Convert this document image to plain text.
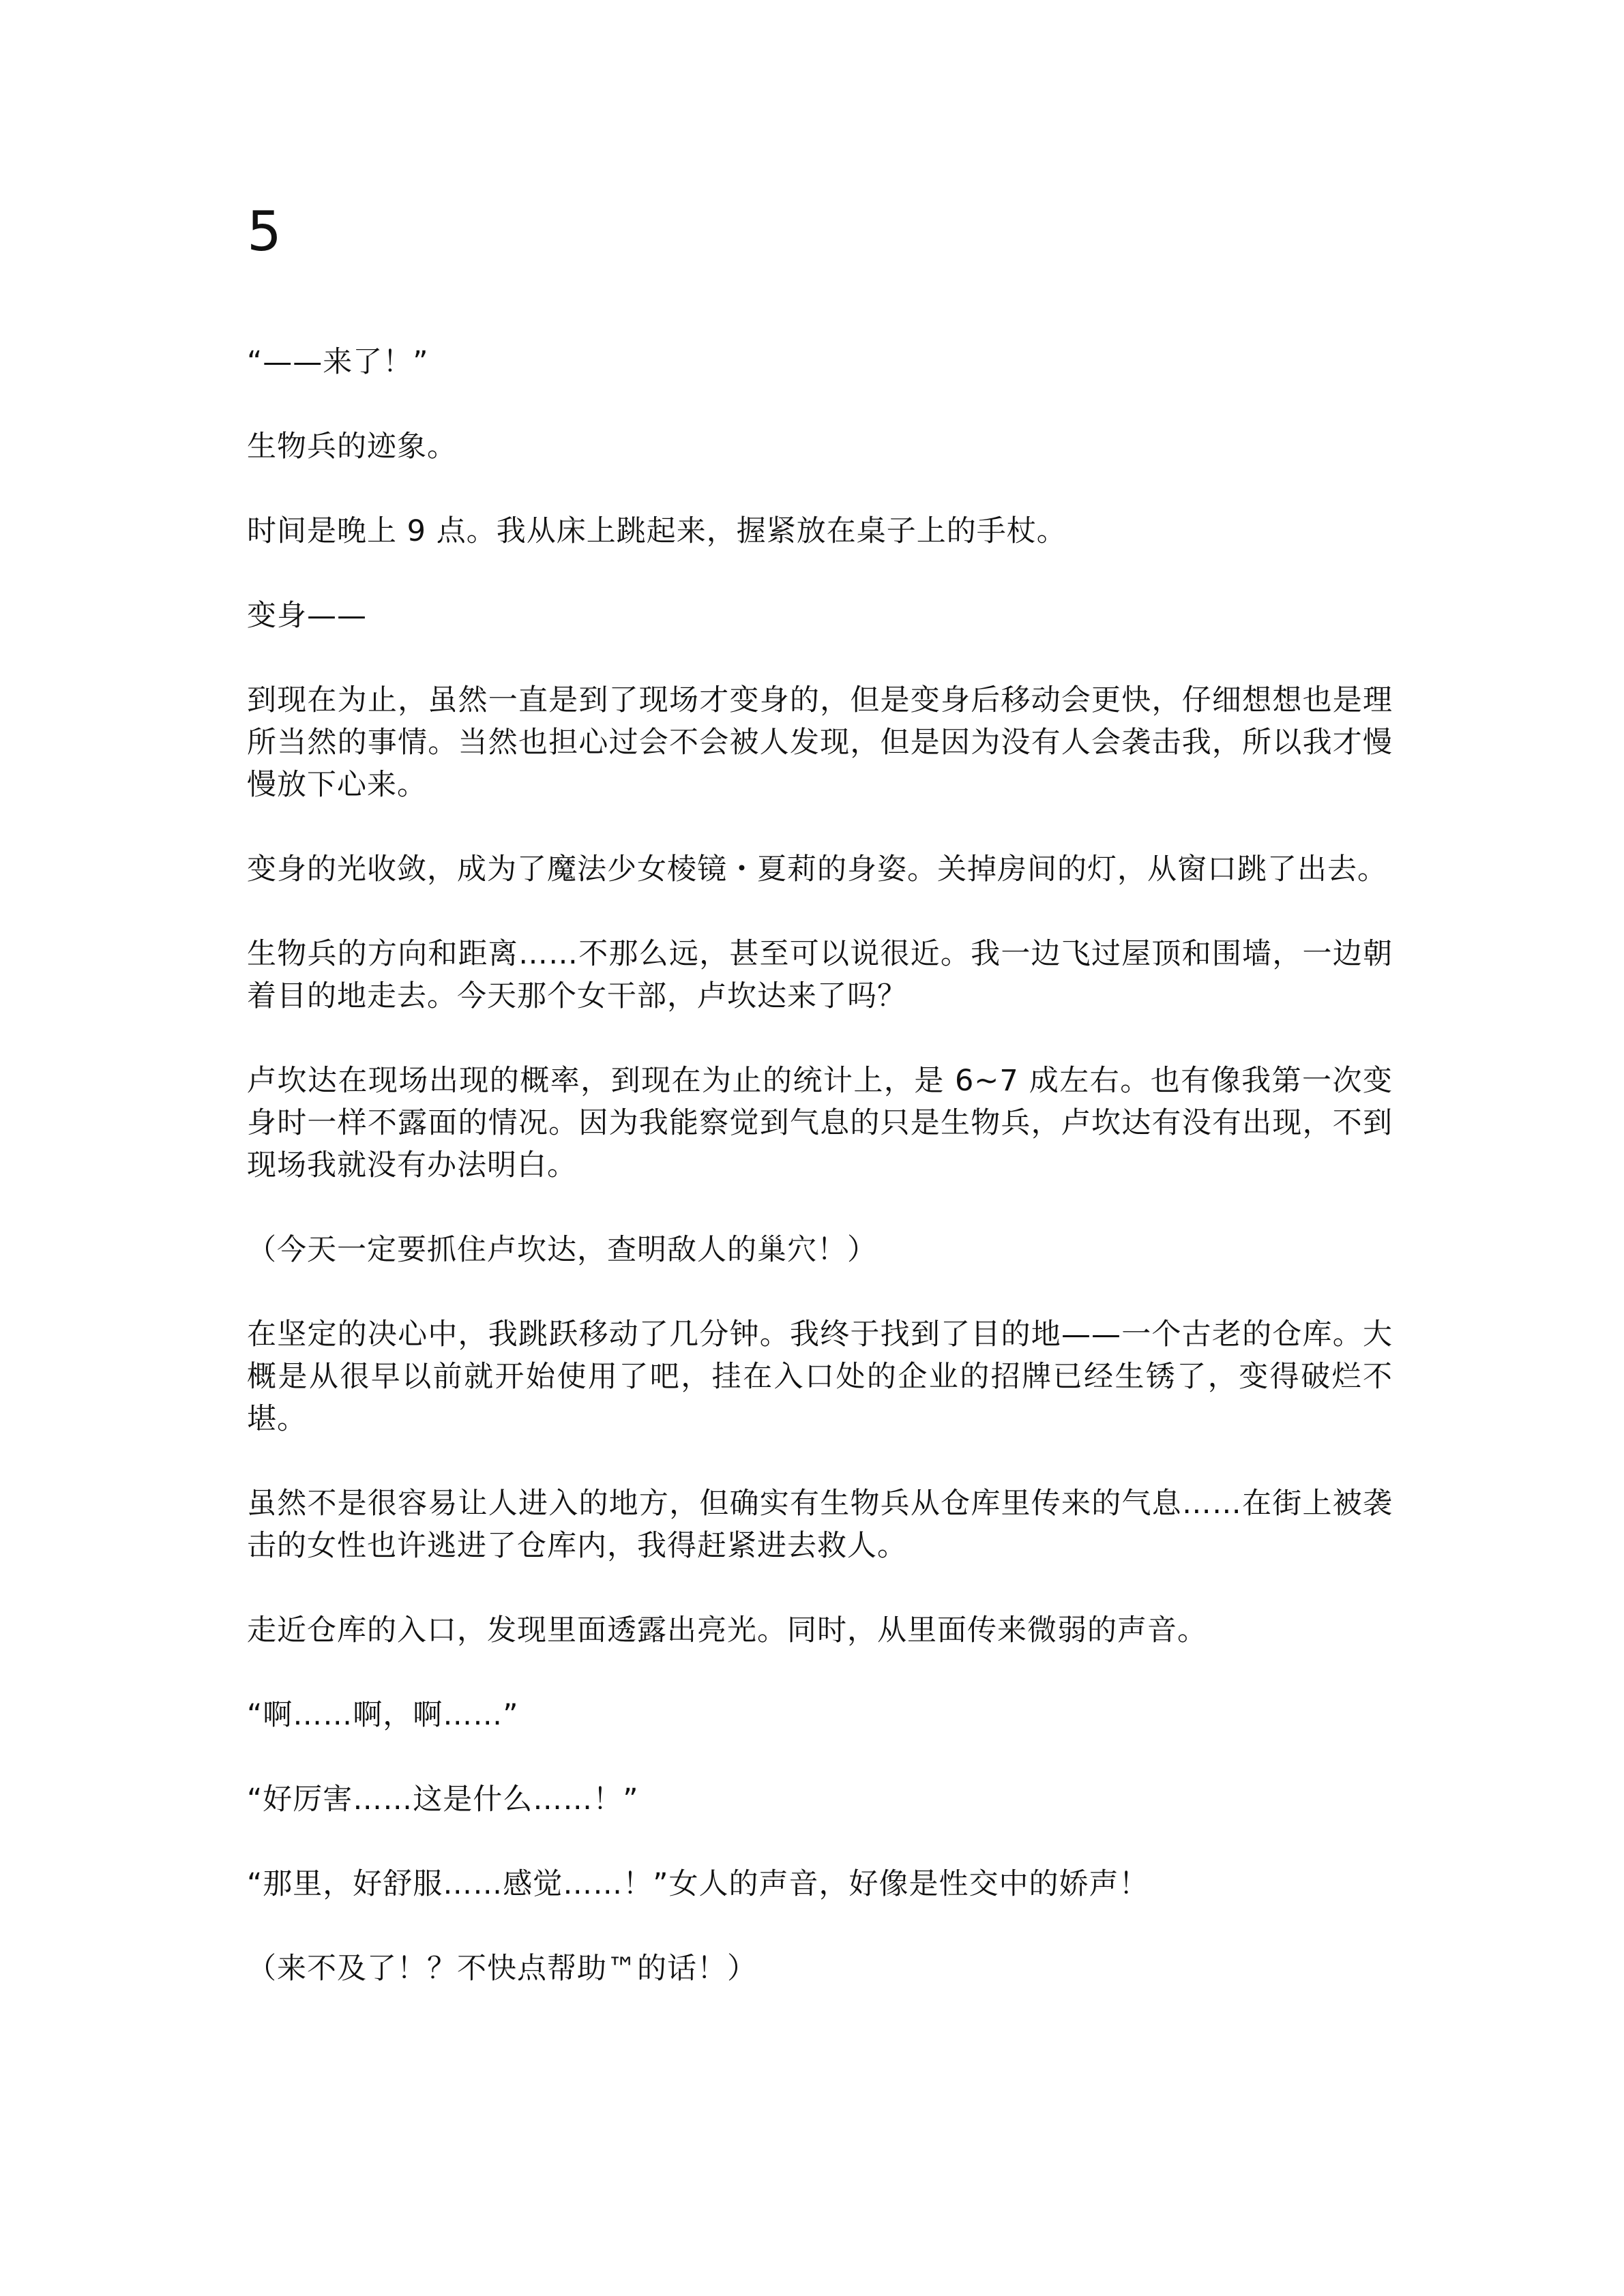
5

“——来了！”

生物兵的迹象。

时间是晚上 9 点。我从床上跳起来，握紧放在桌子上的手杖。

变身——

到现在为止，虽然一直是到了现场才变身的，但是变身后移动会更快，仔细想想也是理所当然的事情。当然也担心过会不会被人发现，但是因为没有人会袭击我，所以我才慢慢放下心来。

变身的光收敛，成为了魔法少女棱镜・夏莉的身姿。关掉房间的灯，从窗口跳了出去。

生物兵的方向和距离……不那么远，甚至可以说很近。我一边飞过屋顶和围墙，一边朝着目的地走去。今天那个女干部，卢坎达来了吗？

卢坎达在现场出现的概率，到现在为止的统计上，是 6~7 成左右。也有像我第一次变身时一样不露面的情况。因为我能察觉到气息的只是生物兵，卢坎达有没有出现，不到现场我就没有办法明白。

（今天一定要抓住卢坎达，查明敌人的巢穴！）

在坚定的决心中，我跳跃移动了几分钟。我终于找到了目的地——一个古老的仓库。大概是从很早以前就开始使用了吧，挂在入口处的企业的招牌已经生锈了，变得破烂不堪。

虽然不是很容易让人进入的地方，但确实有生物兵从仓库里传来的气息……在街上被袭击的女性也许逃进了仓库内，我得赶紧进去救人。

走近仓库的入口，发现里面透露出亮光。同时，从里面传来微弱的声音。

“啊……啊，啊……”

“好厉害……这是什么……！”

“那里，好舒服……感觉……！”女人的声音，好像是性交中的娇声！

（来不及了！？不快点帮助™的话！）
